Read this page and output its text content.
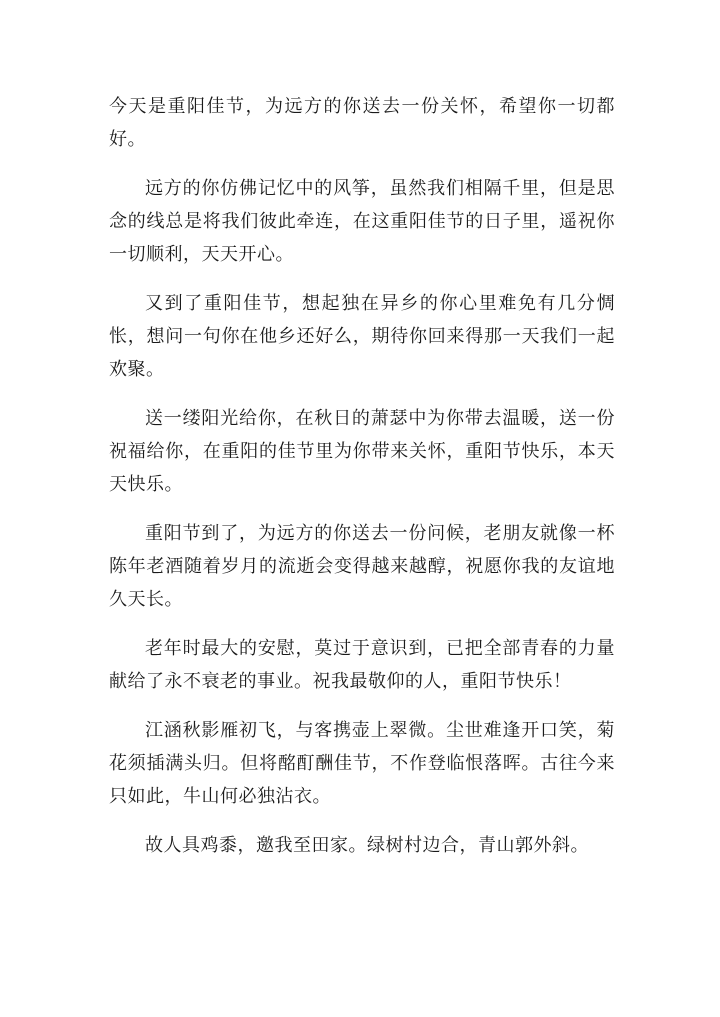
今天是重阳佳节，为远方的你送去一份关怀，希望你一切都好。

远方的你仿佛记忆中的风筝，虽然我们相隔千里，但是思念的线总是将我们彼此牵连，在这重阳佳节的日子里，遥祝你一切顺利，天天开心。

又到了重阳佳节，想起独在异乡的你心里难免有几分惆怅，想问一句你在他乡还好么，期待你回来得那一天我们一起欢聚。

送一缕阳光给你，在秋日的萧瑟中为你带去温暖，送一份祝福给你，在重阳的佳节里为你带来关怀，重阳节快乐，本天天快乐。

重阳节到了，为远方的你送去一份问候，老朋友就像一杯陈年老酒随着岁月的流逝会变得越来越醇，祝愿你我的友谊地久天长。

老年时最大的安慰，莫过于意识到，已把全部青春的力量献给了永不衰老的事业。祝我最敬仰的人，重阳节快乐！

江涵秋影雁初飞，与客携壶上翠微。尘世难逢开口笑，菊花须插满头归。但将酩酊酬佳节，不作登临恨落晖。古往今来只如此，牛山何必独沾衣。

故人具鸡黍，邀我至田家。绿树村边合，青山郭外斜。
